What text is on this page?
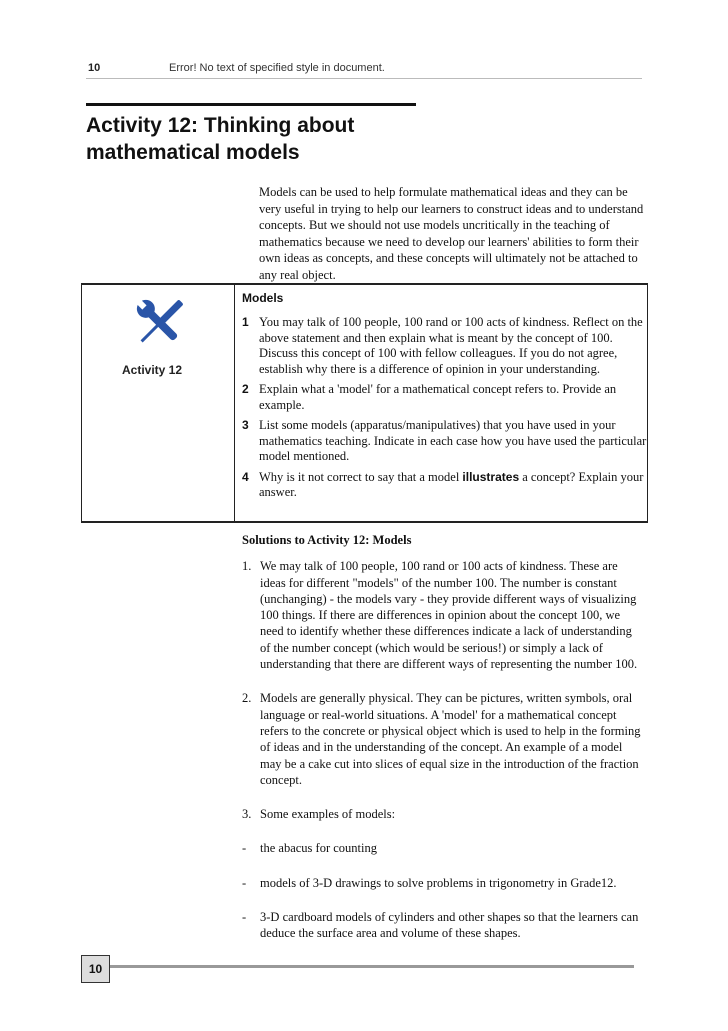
10	Error! No text of specified style in document.
Activity 12: Thinking about
mathematical models
Models can be used to help formulate mathematical ideas and they can be very useful in trying to help our learners to construct ideas and to understand concepts. But we should not use models uncritically in the teaching of mathematics because we need to develop our learners' abilities to form their own ideas as concepts, and these concepts will ultimately not be attached to any real object.
Activity 12
Models
1 You may talk of 100 people, 100 rand or 100 acts of kindness. Reflect on the above statement and then explain what is meant by the concept of 100. Discuss this concept of 100 with fellow colleagues. If you do not agree, establish why there is a difference of opinion in your understanding.
2 Explain what a 'model' for a mathematical concept refers to. Provide an example.
3 List some models (apparatus/manipulatives) that you have used in your mathematics teaching. Indicate in each case how you have used the particular model mentioned.
4 Why is it not correct to say that a model illustrates a concept? Explain your answer.
Solutions to Activity 12: Models
1. We may talk of 100 people, 100 rand or 100 acts of kindness. These are ideas for different "models" of the number 100. The number is constant (unchanging) - the models vary - they provide different ways of visualizing 100 things. If there are differences in opinion about the concept 100, we need to identify whether these differences indicate a lack of understanding of the number concept (which would be serious!) or simply a lack of understanding that there are different ways of representing the number 100.
2. Models are generally physical. They can be pictures, written symbols, oral language or real-world situations. A 'model' for a mathematical concept refers to the concrete or physical object which is used to help in the forming of ideas and in the understanding of the concept. An example of a model may be a cake cut into slices of equal size in the introduction of the fraction concept.
3. Some examples of models:
- the abacus for counting
- models of 3-D drawings to solve problems in trigonometry in Grade12.
- 3-D cardboard models of cylinders and other shapes so that the learners can deduce the surface area and volume of these shapes.
10
